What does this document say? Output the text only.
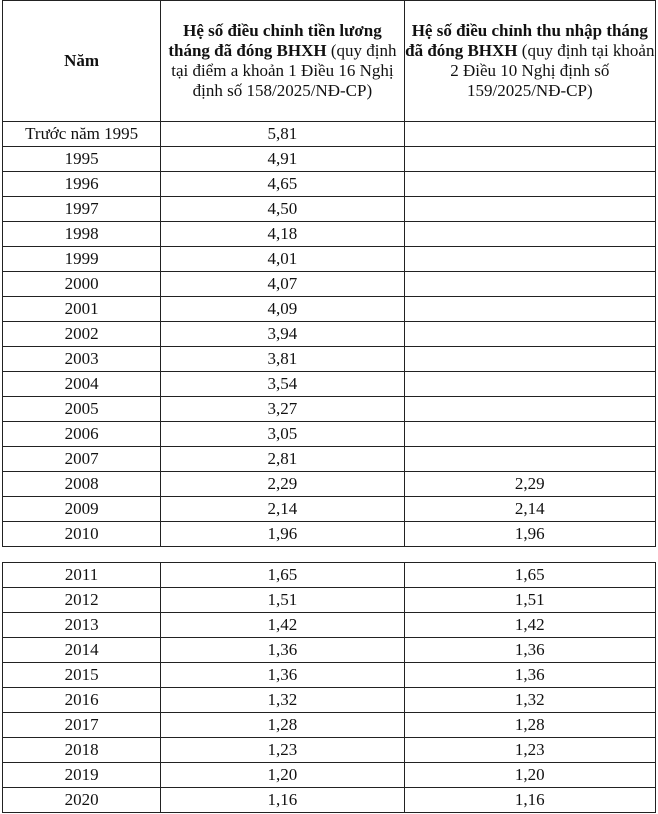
Năm	Hệ số điều chỉnh tiền lương tháng đã đóng BHXH (quy định tại điểm a khoản 1 Điều 16 Nghị định số 158/2025/NĐ-CP)	Hệ số điều chỉnh thu nhập tháng đã đóng BHXH (quy định tại khoản 2 Điều 10 Nghị định số 159/2025/NĐ-CP)
Trước năm 1995	5,81	
1995	4,91	
1996	4,65	
1997	4,50	
1998	4,18	
1999	4,01	
2000	4,07	
2001	4,09	
2002	3,94	
2003	3,81	
2004	3,54	
2005	3,27	
2006	3,05	
2007	2,81	
2008	2,29	2,29
2009	2,14	2,14
2010	1,96	1,96
2011	1,65	1,65
2012	1,51	1,51
2013	1,42	1,42
2014	1,36	1,36
2015	1,36	1,36
2016	1,32	1,32
2017	1,28	1,28
2018	1,23	1,23
2019	1,20	1,20
2020	1,16	1,16
